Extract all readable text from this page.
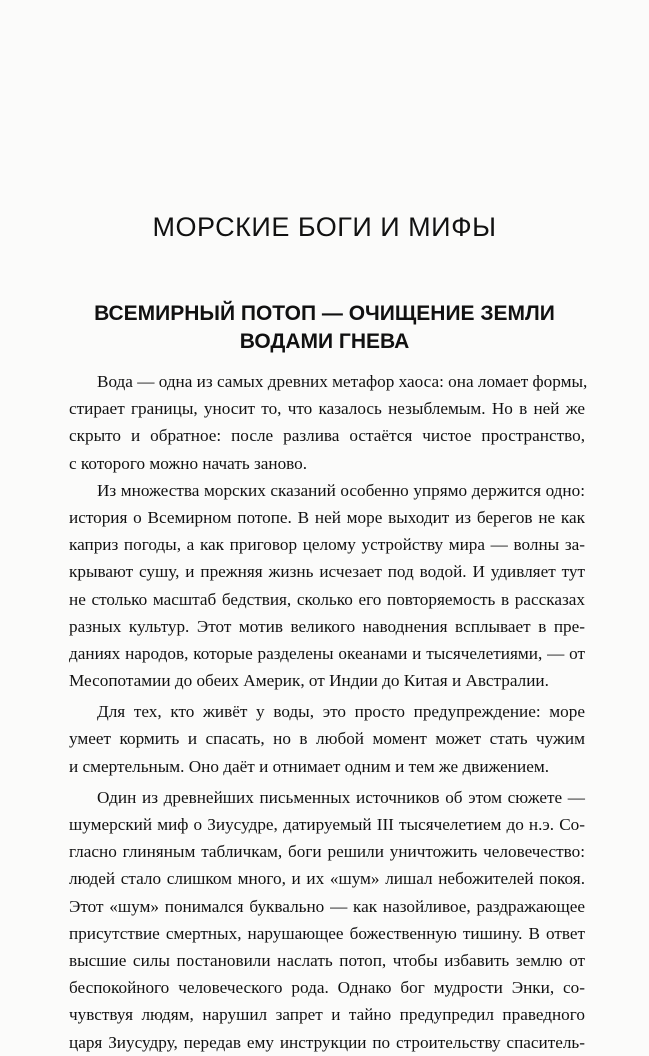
МОРСКИЕ БОГИ И МИФЫ
ВСЕМИРНЫЙ ПОТОП — ОЧИЩЕНИЕ ЗЕМЛИ
ВОДАМИ ГНЕВА
Вода — одна из самых древних метафор хаоса: она ломает формы,
стирает границы, уносит то, что казалось незыблемым. Но в ней же
скрыто и обратное: после разлива остаётся чистое пространство,
с которого можно начать заново.
Из множества морских сказаний особенно упрямо держится одно:
история о Всемирном потопе. В ней море выходит из берегов не как
каприз погоды, а как приговор целому устройству мира — волны за-
крывают сушу, и прежняя жизнь исчезает под водой. И удивляет тут
не столько масштаб бедствия, сколько его повторяемость в рассказах
разных культур. Этот мотив великого наводнения всплывает в пре-
даниях народов, которые разделены океанами и тысячелетиями, — от
Месопотамии до обеих Америк, от Индии до Китая и Австралии.
Для тех, кто живёт у воды, это просто предупреждение: море
умеет кормить и спасать, но в любой момент может стать чужим
и смертельным. Оно даёт и отнимает одним и тем же движением.
Один из древнейших письменных источников об этом сюжете —
шумерский миф о Зиусудре, датируемый III тысячелетием до н.э. Со-
гласно глиняным табличкам, боги решили уничтожить человечество:
людей стало слишком много, и их «шум» лишал небожителей покоя.
Этот «шум» понимался буквально — как назойливое, раздражающее
присутствие смертных, нарушающее божественную тишину. В ответ
высшие силы постановили наслать потоп, чтобы избавить землю от
беспокойного человеческого рода. Однако бог мудрости Энки, со-
чувствуя людям, нарушил запрет и тайно предупредил праведного
царя Зиусудру, передав ему инструкции по строительству спаситель-
